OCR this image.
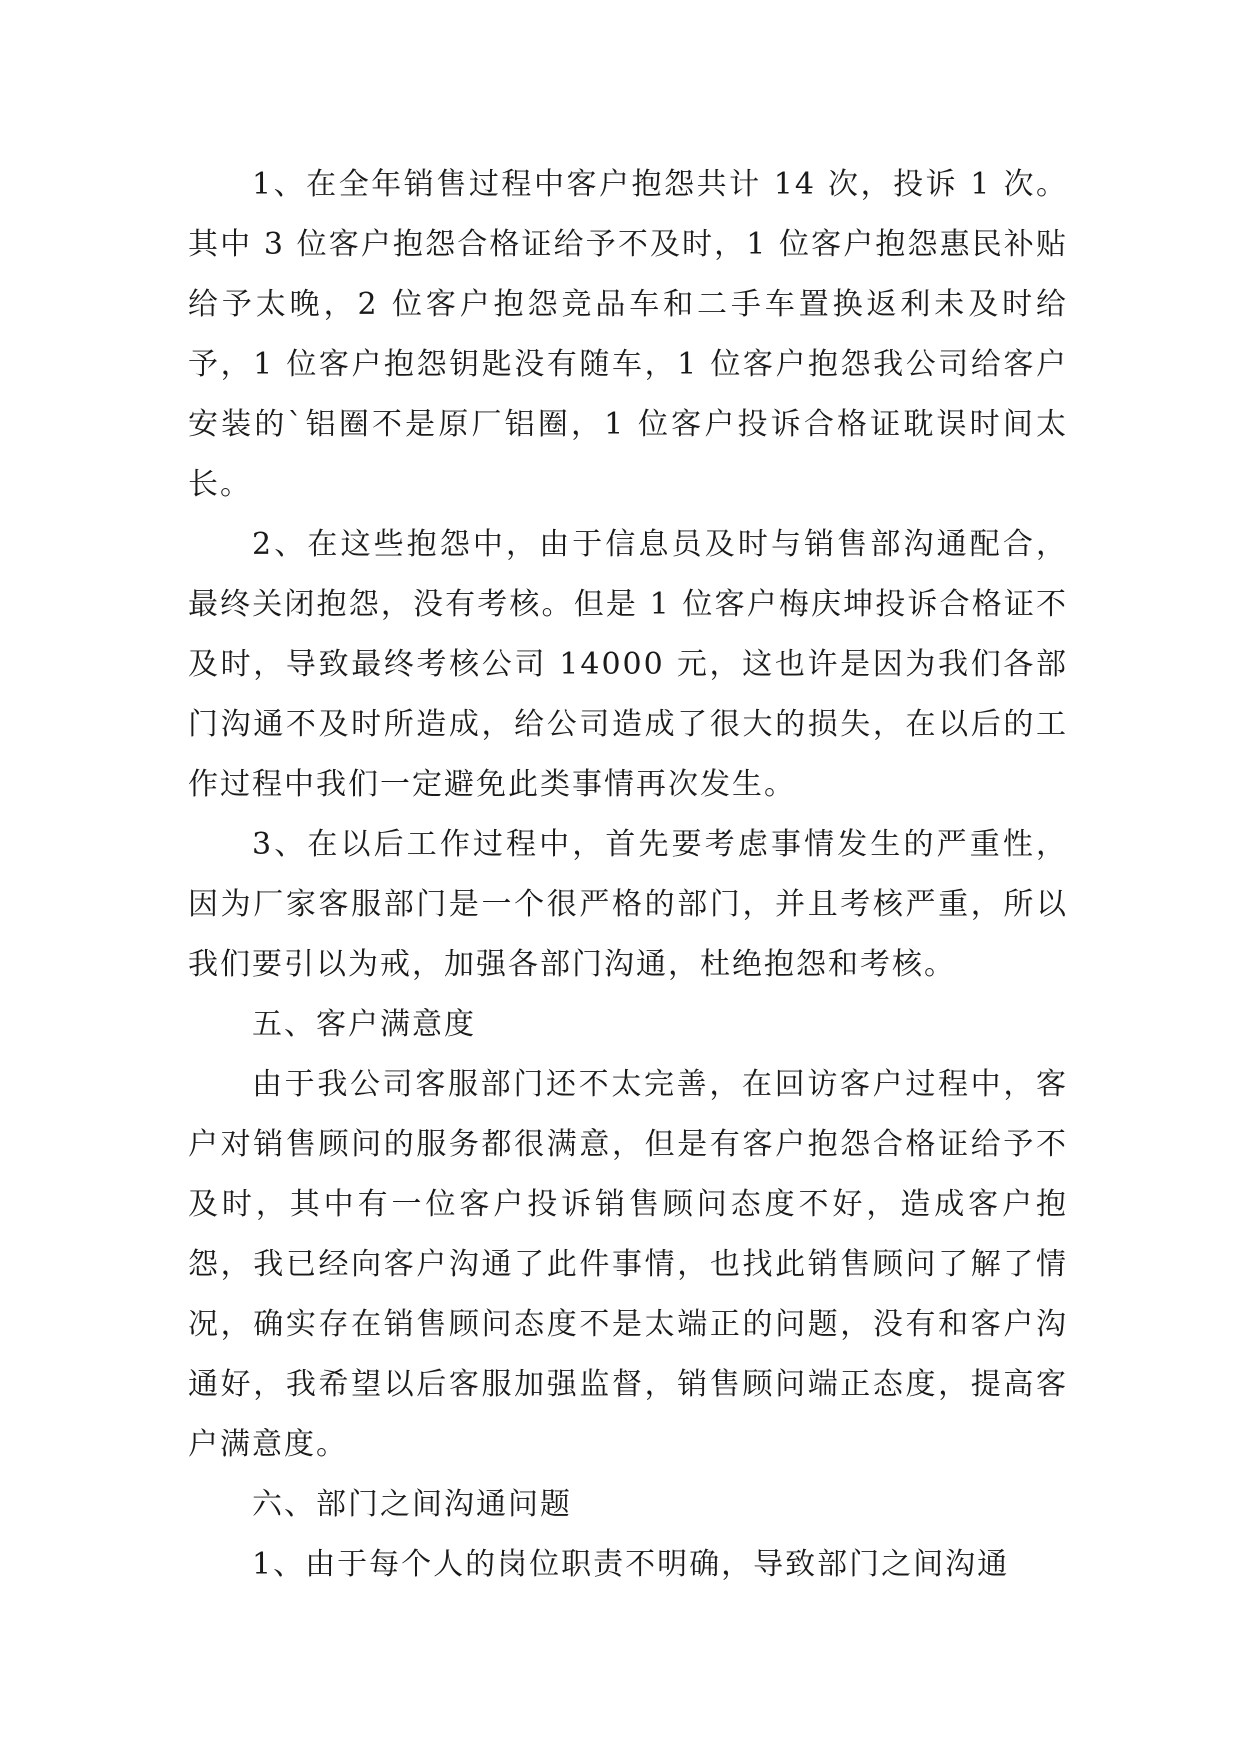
1、在全年销售过程中客户抱怨共计 14 次，投诉 1 次。其中 3 位客户抱怨合格证给予不及时，1 位客户抱怨惠民补贴给予太晚，2 位客户抱怨竞品车和二手车置换返利未及时给予，1 位客户抱怨钥匙没有随车，1 位客户抱怨我公司给客户安装的`铝圈不是原厂铝圈，1 位客户投诉合格证耽误时间太长。

2、在这些抱怨中，由于信息员及时与销售部沟通配合，最终关闭抱怨，没有考核。但是 1 位客户梅庆坤投诉合格证不及时，导致最终考核公司 14000 元，这也许是因为我们各部门沟通不及时所造成，给公司造成了很大的损失，在以后的工作过程中我们一定避免此类事情再次发生。

3、在以后工作过程中，首先要考虑事情发生的严重性，因为厂家客服部门是一个很严格的部门，并且考核严重，所以我们要引以为戒，加强各部门沟通，杜绝抱怨和考核。

五、客户满意度

由于我公司客服部门还不太完善，在回访客户过程中，客户对销售顾问的服务都很满意，但是有客户抱怨合格证给予不及时，其中有一位客户投诉销售顾问态度不好，造成客户抱怨，我已经向客户沟通了此件事情，也找此销售顾问了解了情况，确实存在销售顾问态度不是太端正的问题，没有和客户沟通好，我希望以后客服加强监督，销售顾问端正态度，提高客户满意度。

六、部门之间沟通问题

1、由于每个人的岗位职责不明确，导致部门之间沟通
